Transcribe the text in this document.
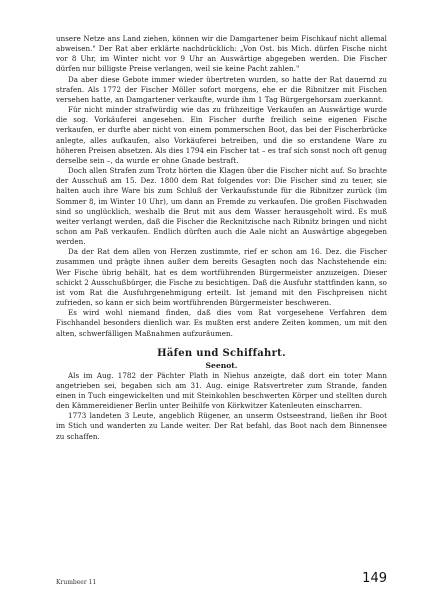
unsere Netze ans Land ziehen, können wir die Damgartener beim Fischkauf nicht allemal abweisen." Der Rat aber erklärte nachdrücklich: „Von Ost. bis Mich. dürfen Fische nicht vor 8 Uhr, im Winter nicht vor 9 Uhr an Auswärtige abgegeben werden. Die Fischer dürfen nur billigste Preise verlangen, weil sie keine Pacht zahlen."

Da aber diese Gebote immer wieder übertreten wurden, so hatte der Rat dauernd zu strafen. Als 1772 der Fischer Möller sofort morgens, ehe er die Ribnitzer mit Fischen versehen hatte, an Damgartener verkaufte, wurde ihm 1 Tag Bürgergehorsam zuerkannt.

Für nicht minder strafwürdig wie das zu frühzeitige Verkaufen an Auswärtige wurde die sog. Vorkäuferei angesehen. Ein Fischer durfte freilich seine eigenen Fische verkaufen, er durfte aber nicht von einem pommerschen Boot, das bei der Fischerbrücke anlegte, alles aufkaufen, also Vorkäuferei betreiben, und die so erstandene Ware zu höheren Preisen absetzen. Als dies 1794 ein Fischer tat – es traf sich sonst noch oft genug derselbe sein –, da wurde er ohne Gnade bestraft.

Doch allen Strafen zum Trotz hörten die Klagen über die Fischer nicht auf. So brachte der Ausschuß am 15. Dez. 1800 dem Rat folgendes vor: Die Fischer sind zu teuer, sie halten auch ihre Ware bis zum Schluß der Verkaufsstunde für die Ribnitzer zurück (im Sommer 8, im Winter 10 Uhr), um dann an Fremde zu verkaufen. Die großen Fischwaden sind so unglücklich, weshalb die Brut mit aus dem Wasser herausgeholt wird. Es muß weiter verlangt werden, daß die Fischer die Recknitzische nach Ribnitz bringen und nicht schon am Paß verkaufen. Endlich dürften auch die Aale nicht an Auswärtige abgegeben werden.

Da der Rat dem allen von Herzen zustimmte, rief er schon am 16. Dez. die Fischer zusammen und prägte ihnen außer dem bereits Gesagten noch das Nachstehende ein: Wer Fische übrig behält, hat es dem wortführenden Bürgermeister anzuzeigen. Dieser schickt 2 Ausschußbürger, die Fische zu besichtigen. Daß die Ausfuhr stattfinden kann, so ist vom Rat die Ausfuhrgenehmigung erteilt. Ist jemand mit den Fischpreisen nicht zufrieden, so kann er sich beim wortführenden Bürgermeister beschweren.

Es wird wohl niemand finden, daß dies vom Rat vorgesehene Verfahren dem Fischhandel besonders dienlich war. Es mußten erst andere Zeiten kommen, um mit den alten, schwerfälligen Maßnahmen aufzuräumen.

Häfen und Schiffahrt.
Seenot.

Als im Aug. 1782 der Pächter Plath in Niehus anzeigte, daß dort ein toter Mann angetrieben sei, begaben sich am 31. Aug. einige Ratsvertreter zum Strande, fanden einen in Tuch eingewickelten und mit Steinkohlen beschwerten Körper und stellten durch den Kämmereidiener Berlin unter Beihilfe von Körkwitzer Katenleuten einscharren.

1773 landeten 3 Leute, angeblich Rügener, an unserm Ostseestrand, ließen ihr Boot im Stich und wanderten zu Lande weiter. Der Rat befahl, das Boot nach dem Binnensee zu schaffen.

Krumbeer 11	149
